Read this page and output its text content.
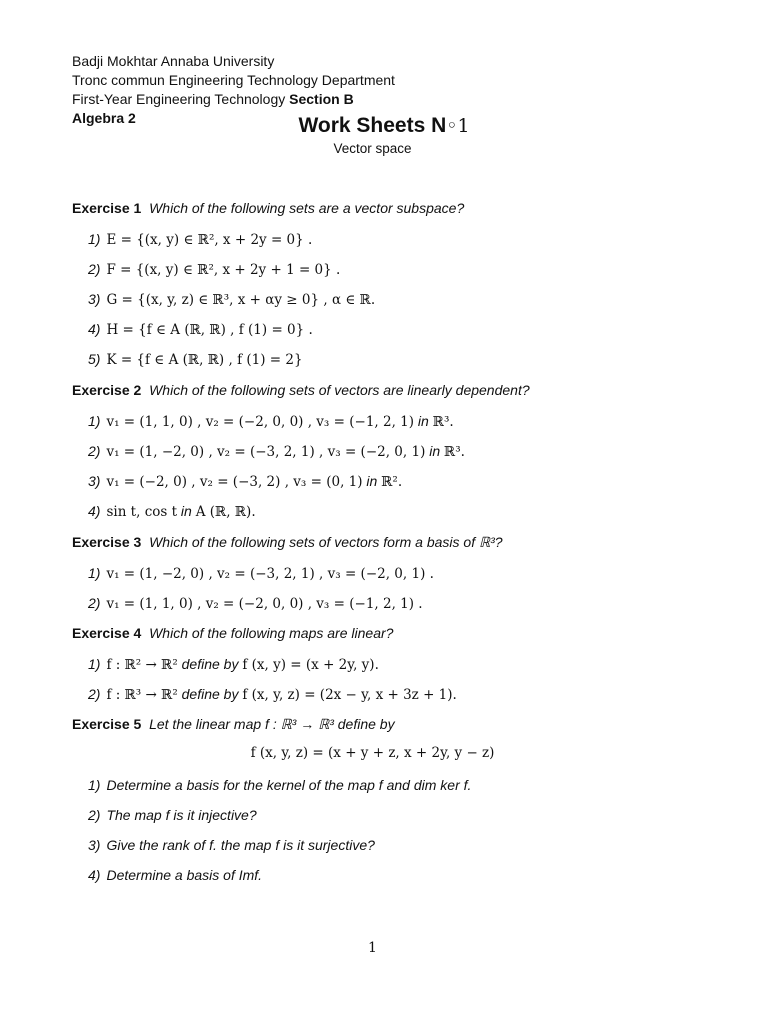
Badji Mokhtar Annaba University
Tronc commun Engineering Technology Department
First-Year Engineering Technology Section B
Algebra 2	Work Sheets N◦1
Vector space
Exercise 1 Which of the following sets are a vector subspace?
1) E = {(x, y) ∈ ℝ², x + 2y = 0} .
2) F = {(x, y) ∈ ℝ², x + 2y + 1 = 0} .
3) G = {(x, y, z) ∈ ℝ³, x + αy ≥ 0} , α ∈ ℝ.
4) H = {f ∈ A (ℝ, ℝ) , f (1) = 0} .
5) K = {f ∈ A (ℝ, ℝ) , f (1) = 2}
Exercise 2 Which of the following sets of vectors are linearly dependent?
1) v₁ = (1, 1, 0) , v₂ = (−2, 0, 0) , v₃ = (−1, 2, 1) in ℝ³.
2) v₁ = (1, −2, 0) , v₂ = (−3, 2, 1) , v₃ = (−2, 0, 1) in ℝ³.
3) v₁ = (−2, 0) , v₂ = (−3, 2) , v₃ = (0, 1) in ℝ².
4) sin t, cos t in A (ℝ, ℝ).
Exercise 3 Which of the following sets of vectors form a basis of ℝ³?
1) v₁ = (1, −2, 0) , v₂ = (−3, 2, 1) , v₃ = (−2, 0, 1) .
2) v₁ = (1, 1, 0) , v₂ = (−2, 0, 0) , v₃ = (−1, 2, 1) .
Exercise 4 Which of the following maps are linear?
1) f : ℝ² → ℝ² define by f (x, y) = (x + 2y, y).
2) f : ℝ³ → ℝ² define by f (x, y, z) = (2x − y, x + 3z + 1).
Exercise 5 Let the linear map f : ℝ³ → ℝ³ define by
f (x, y, z) = (x + y + z, x + 2y, y − z)
1) Determine a basis for the kernel of the map f and dim ker f.
2) The map f is it injective?
3) Give the rank of f. the map f is it surjective?
4) Determine a basis of Imf.
1
